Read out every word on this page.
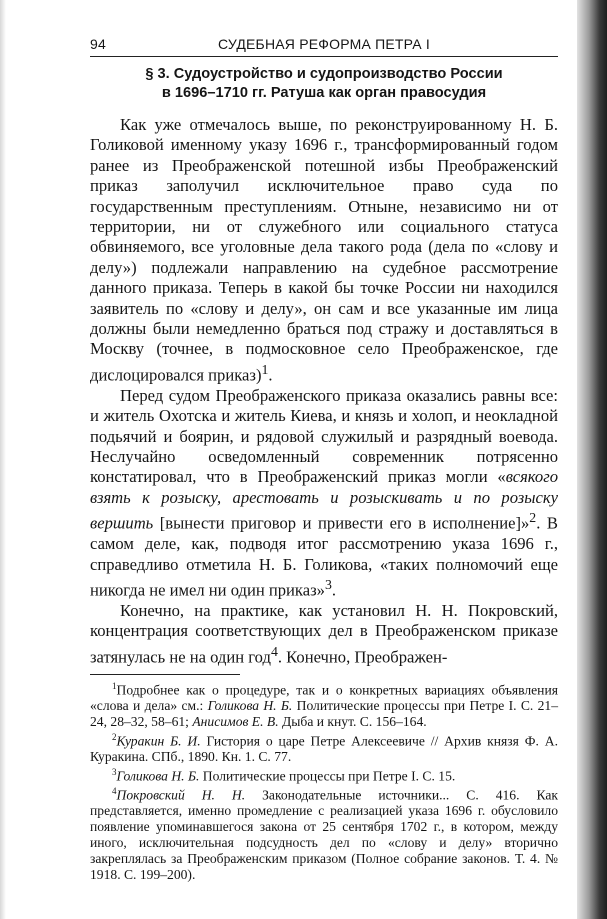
94	СУДЕБНАЯ РЕФОРМА ПЕТРА I
§ 3. Судоустройство и судопроизводство России
в 1696–1710 гг. Ратуша как орган правосудия

Как уже отмечалось выше, по реконструированному Н. Б. Голиковой именному указу 1696 г., трансформированный годом ранее из Преображенской потешной избы Преображенский приказ заполучил исключительное право суда по государственным преступлениям. Отныне, независимо ни от территории, ни от служебного или социального статуса обвиняемого, все уголовные дела такого рода (дела по «слову и делу») подлежали направлению на судебное рассмотрение данного приказа. Теперь в какой бы точке России ни находился заявитель по «слову и делу», он сам и все указанные им лица должны были немедленно браться под стражу и доставляться в Москву (точнее, в подмосковное село Преображенское, где дислоцировался приказ)$^1$.

Перед судом Преображенского приказа оказались равны все: и житель Охотска и житель Киева, и князь и холоп, и неокладной подьячий и боярин, и рядовой служилый и разрядный воевода. Неслучайно осведомленный современник потрясенно констатировал, что в Преображенский приказ могли «всякого взять к розыску, арестовать и розыскивать и по розыску вершить [вынести приговор и привести его в исполнение]»$^2$. В самом деле, как, подводя итог рассмотрению указа 1696 г., справедливо отметила Н. Б. Голикова, «таких полномочий еще никогда не имел ни один приказ»$^3$.

Конечно, на практике, как установил Н. Н. Покровский, концентрация соответствующих дел в Преображенском приказе затянулась не на один год$^4$. Конечно, Преображен-

$^1$Подробнее как о процедуре, так и о конкретных вариациях объявления «слова и дела» см.: Голикова Н. Б. Политические процессы при Петре I. С. 21–24, 28–32, 58–61; Анисимов Е. В. Дыба и кнут. С. 156–164.

$^2$Куракин Б. И. Гистория о царе Петре Алексеевиче // Архив князя Ф. А. Куракина. СПб., 1890. Кн. 1. С. 77.

$^3$Голикова Н. Б. Политические процессы при Петре I. С. 15.

$^4$Покровский Н. Н. Законодательные источники... С. 416. Как представляется, именно промедление с реализацией указа 1696 г. обусловило появление упоминавшегося закона от 25 сентября 1702 г., в котором, между иного, исключительная подсудность дел по «слову и делу» вторично закреплялась за Преображенским приказом (Полное собрание законов. Т. 4. № 1918. С. 199–200).
